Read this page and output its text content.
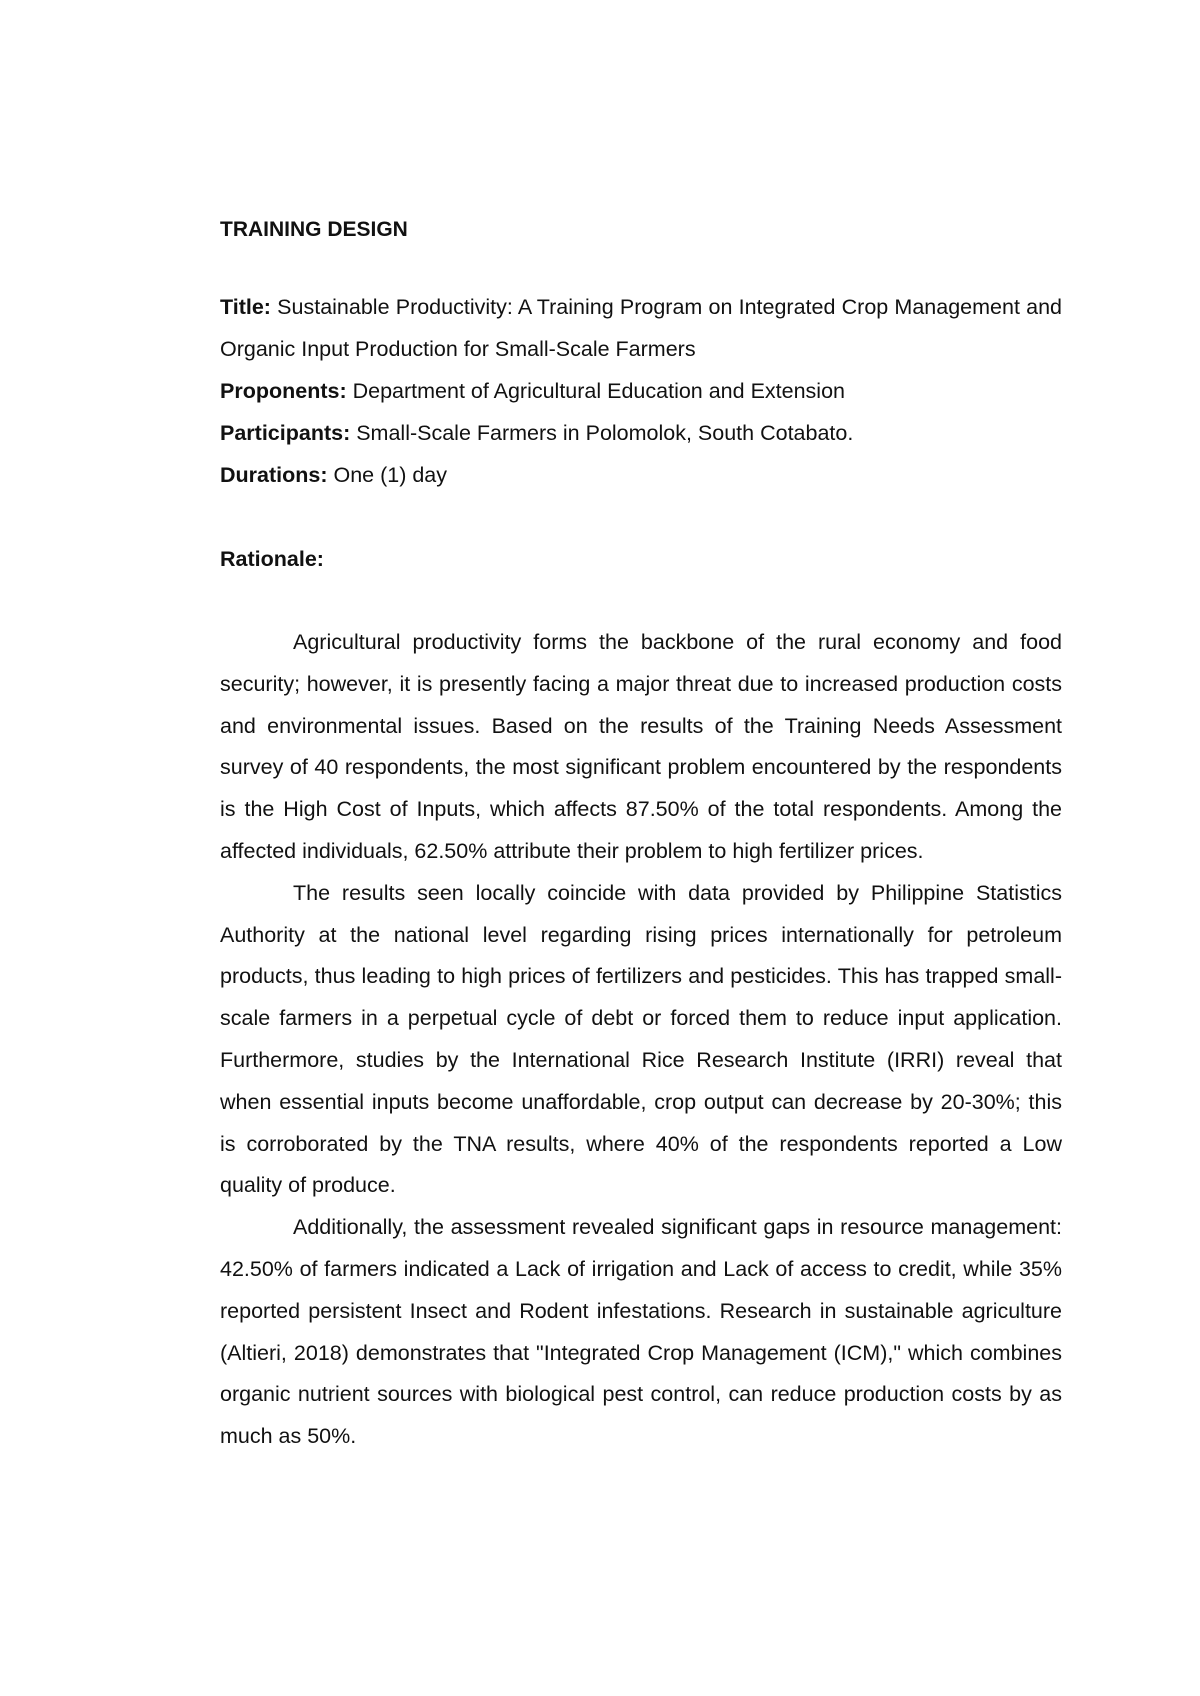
TRAINING DESIGN

Title: Sustainable Productivity: A Training Program on Integrated Crop Management and Organic Input Production for Small-Scale Farmers

Proponents: Department of Agricultural Education and Extension

Participants: Small-Scale Farmers in Polomolok, South Cotabato.

Durations: One (1) day

Rationale:

Agricultural productivity forms the backbone of the rural economy and food security; however, it is presently facing a major threat due to increased production costs and environmental issues. Based on the results of the Training Needs Assessment survey of 40 respondents, the most significant problem encountered by the respondents is the High Cost of Inputs, which affects 87.50% of the total respondents. Among the affected individuals, 62.50% attribute their problem to high fertilizer prices.

The results seen locally coincide with data provided by Philippine Statistics Authority at the national level regarding rising prices internationally for petroleum products, thus leading to high prices of fertilizers and pesticides. This has trapped small-scale farmers in a perpetual cycle of debt or forced them to reduce input application. Furthermore, studies by the International Rice Research Institute (IRRI) reveal that when essential inputs become unaffordable, crop output can decrease by 20-30%; this is corroborated by the TNA results, where 40% of the respondents reported a Low quality of produce.

Additionally, the assessment revealed significant gaps in resource management: 42.50% of farmers indicated a Lack of irrigation and Lack of access to credit, while 35% reported persistent Insect and Rodent infestations. Research in sustainable agriculture (Altieri, 2018) demonstrates that "Integrated Crop Management (ICM)," which combines organic nutrient sources with biological pest control, can reduce production costs by as much as 50%.
